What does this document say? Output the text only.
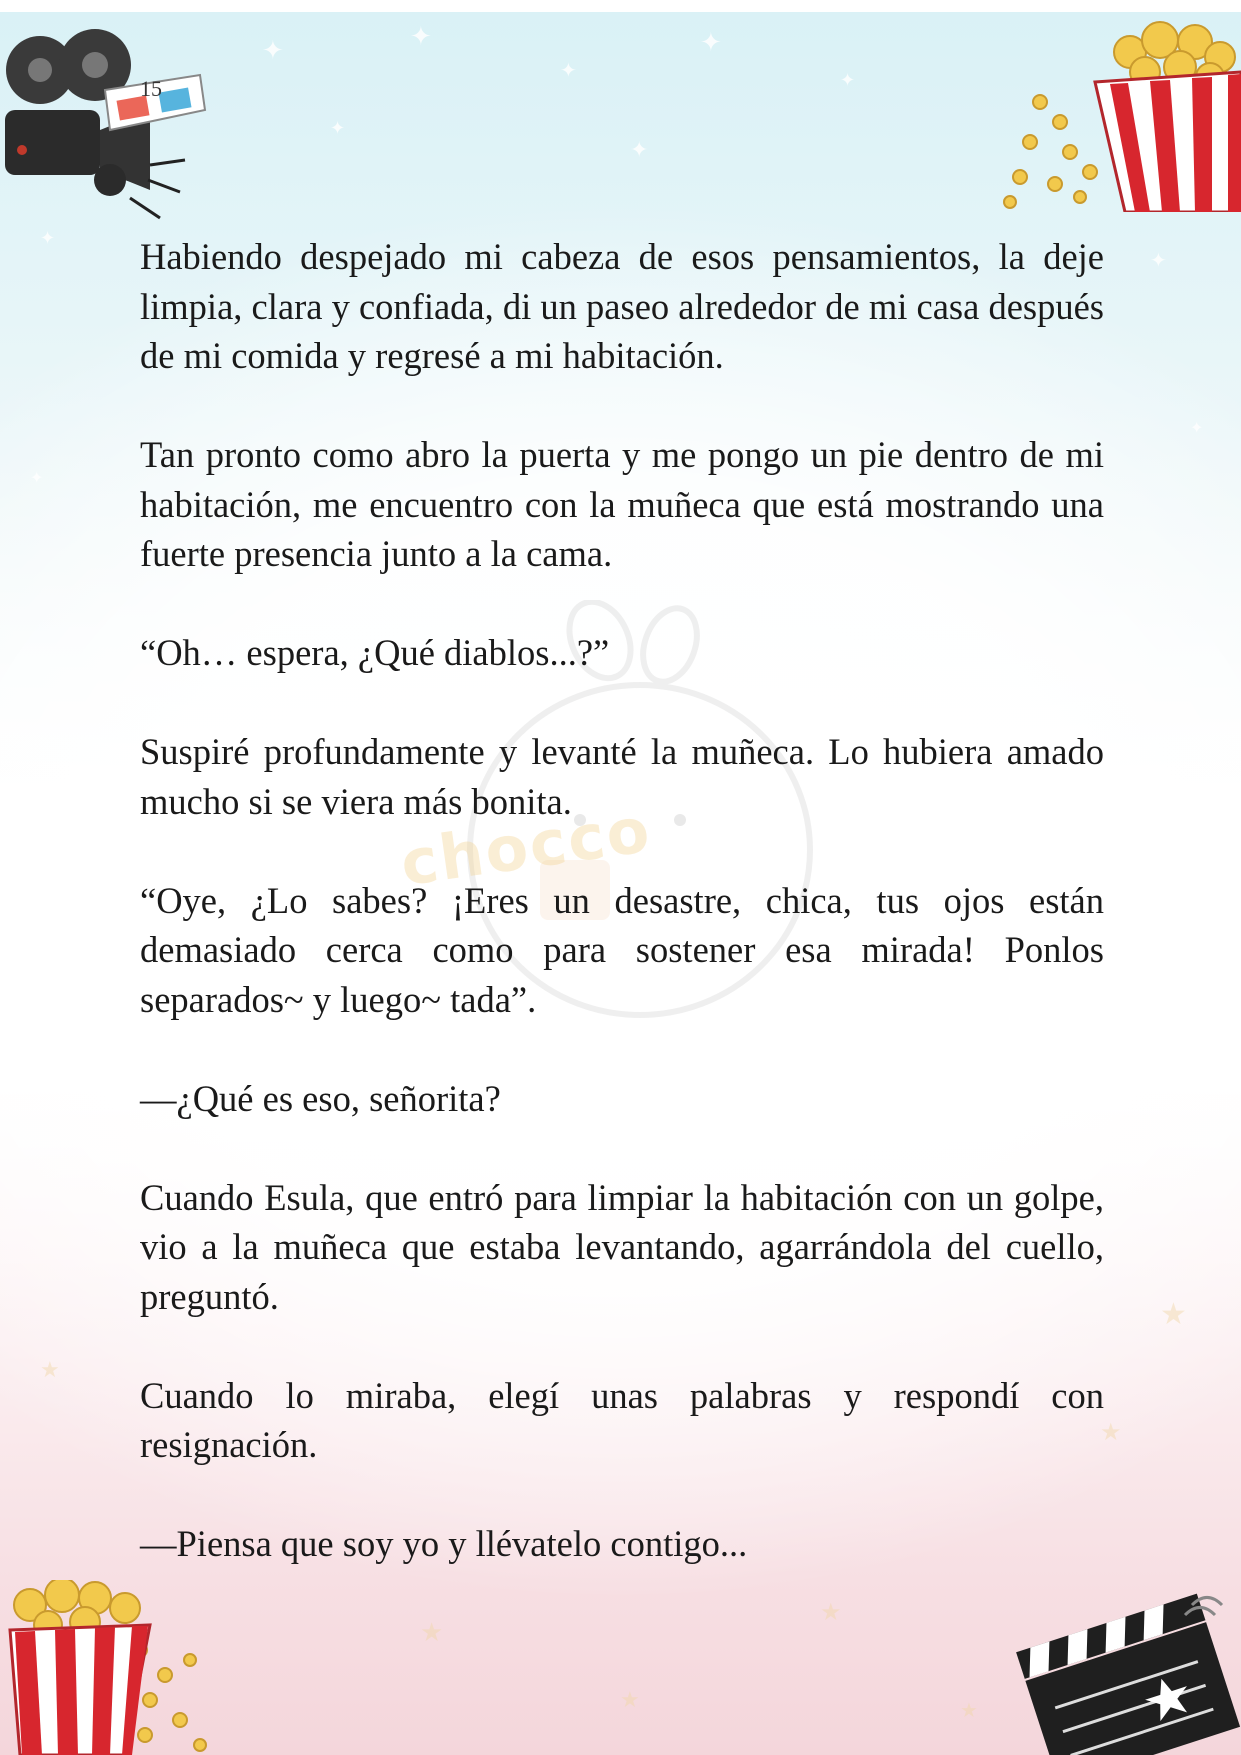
✦	✦
✦
✦
✦
✦
✦
✦
✦
✦
✦
★
★
★
★
★
★
★
chocco
15

Habiendo despejado mi cabeza de esos pensamientos, la deje limpia, clara y confiada, di un paseo alrededor de mi casa después de mi comida y regresé a mi habitación.

Tan pronto como abro la puerta y me pongo un pie dentro de mi habitación, me encuentro con la muñeca que está mostrando una fuerte presencia junto a la cama.

“Oh… espera, ¿Qué diablos...?”

Suspiré profundamente y levanté la muñeca. Lo hubiera amado mucho si se viera más bonita.

“Oye, ¿Lo sabes? ¡Eres un desastre, chica, tus ojos están demasiado cerca como para sostener esa mirada! Ponlos separados~ y luego~ tada”.

—¿Qué es eso, señorita?

Cuando Esula, que entró para limpiar la habitación con un golpe, vio a la muñeca que estaba levantando, agarrándola del cuello, preguntó.

Cuando lo miraba, elegí unas palabras y respondí con resignación.

—Piensa que soy yo y llévatelo contigo...
